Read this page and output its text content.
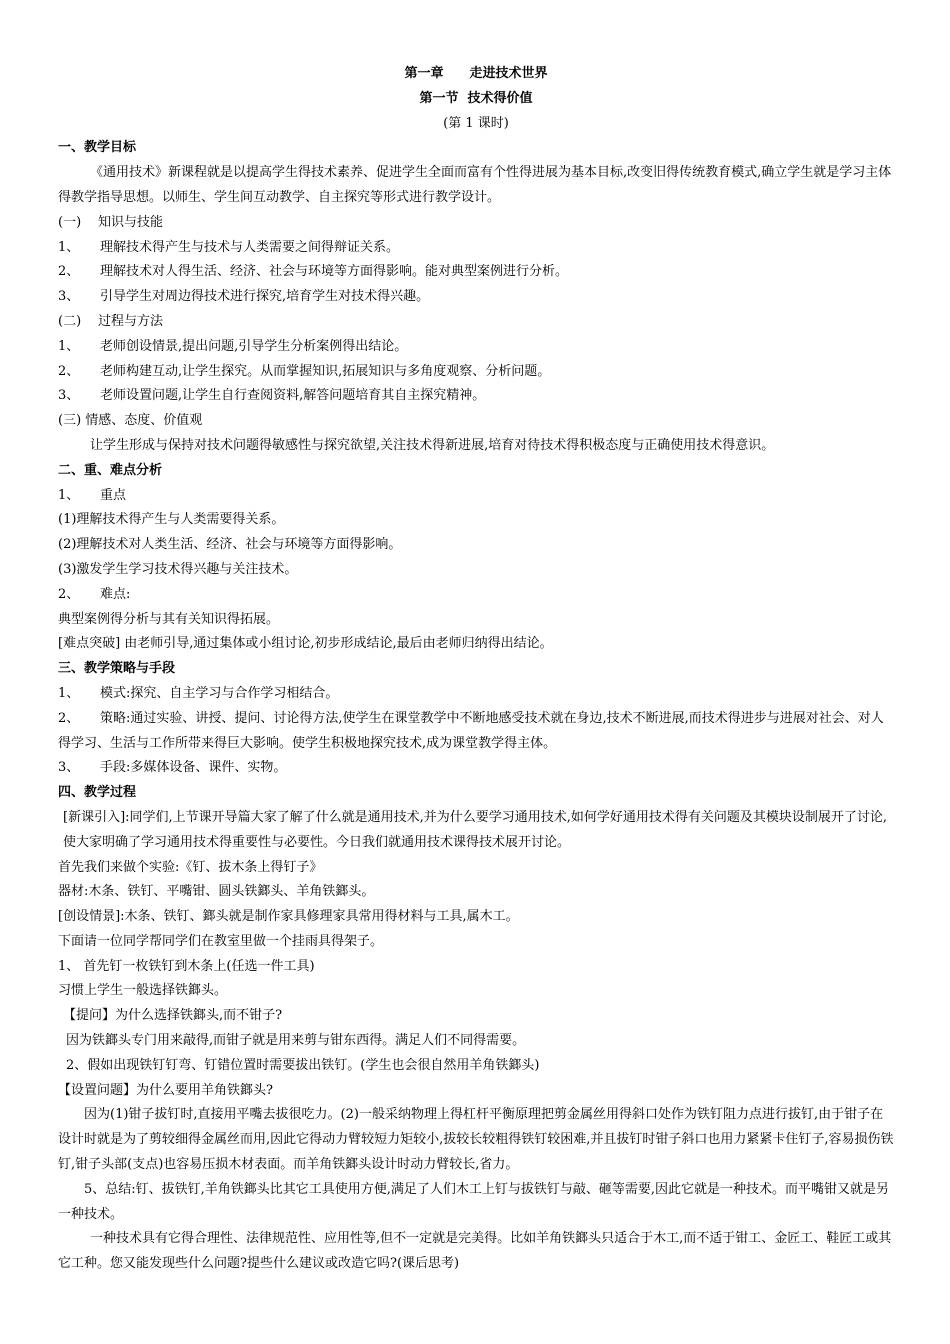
第一章 走进技术世界

第一节  技术得价值

(第 1 课时)

一、教学目标

《通用技术》新课程就是以提高学生得技术素养、促进学生全面而富有个性得进展为基本目标,改变旧得传统教育模式,确立学生就是学习主体得教学指导思想。以师生、学生间互动教学、自主探究等形式进行教学设计。

(一)	知识与技能
1、	理解技术得产生与技术与人类需要之间得辩证关系。
2、	理解技术对人得生活、经济、社会与环境等方面得影响。能对典型案例进行分析。
3、	引导学生对周边得技术进行探究,培育学生对技术得兴趣。
(二)	过程与方法
1、	老师创设情景,提出问题,引导学生分析案例得出结论。
2、	老师构建互动,让学生探究。从而掌握知识,拓展知识与多角度观察、分析问题。
3、	老师设置问题,让学生自行查阅资料,解答问题培育其自主探究精神。

(三) 情感、态度、价值观

让学生形成与保持对技术问题得敏感性与探究欲望,关注技术得新进展,培育对待技术得积极态度与正确使用技术得意识。

二、重、难点分析

1、	重点

(1)理解技术得产生与人类需要得关系。

(2)理解技术对人类生活、经济、社会与环境等方面得影响。

(3)激发学生学习技术得兴趣与关注技术。

2、	难点:

典型案例得分析与其有关知识得拓展。

[难点突破] 由老师引导,通过集体或小组讨论,初步形成结论,最后由老师归纳得出结论。

三、教学策略与手段

1、	模式:探究、自主学习与合作学习相结合。

2、 策略:通过实验、讲授、提问、讨论得方法,使学生在课堂教学中不断地感受技术就在身边,技术不断进展,而技术得进步与进展对社会、对人得学习、生活与工作所带来得巨大影响。使学生积极地探究技术,成为课堂教学得主体。

3、	手段:多媒体设备、课件、实物。

四、教学过程

[新课引入]:同学们,上节课开导篇大家了解了什么就是通用技术,并为什么要学习通用技术,如何学好通用技术得有关问题及其模块设制展开了讨论,使大家明确了学习通用技术得重要性与必要性。今日我们就通用技术课得技术展开讨论。

首先我们来做个实验:《钉、拔木条上得钉子》

器材:木条、铁钉、平嘴钳、圆头铁鎯头、羊角铁鎯头。

[创设情景]:木条、铁钉、鎯头就是制作家具修理家具常用得材料与工具,属木工。

下面请一位同学帮同学们在教室里做一个挂雨具得架子。

1、 首先钉一枚铁钉到木条上(任选一件工具)

习惯上学生一般选择铁鎯头。

【提问】为什么选择铁鎯头,而不钳子?

因为铁鎯头专门用来敲得,而钳子就是用来剪与钳东西得。满足人们不同得需要。

2、假如出现铁钉钉弯、钉错位置时需要拔出铁钉。(学生也会很自然用羊角铁鎯头)

【设置问题】为什么要用羊角铁鎯头?

因为(1)钳子拔钉时,直接用平嘴去拔很吃力。(2)一般采纳物理上得杠杆平衡原理把剪金属丝用得斜口处作为铁钉阻力点进行拔钉,由于钳子在设计时就是为了剪较细得金属丝而用,因此它得动力臂较短力矩较小,拔较长较粗得铁钉较困难,并且拔钉时钳子斜口也用力紧紧卡住钉子,容易损伤铁钉,钳子头部(支点)也容易压损木材表面。而羊角铁鎯头设计时动力臂较长,省力。

5、总结:钉、拔铁钉,羊角铁鎯头比其它工具使用方便,满足了人们木工上钉与拔铁钉与敲、砸等需要,因此它就是一种技术。而平嘴钳又就是另一种技术。

一种技术具有它得合理性、法律规范性、应用性等,但不一定就是完美得。比如羊角铁鎯头只适合于木工,而不适于钳工、金匠工、鞋匠工或其它工种。您又能发现些什么问题?提些什么建议或改造它吗?(课后思考)
